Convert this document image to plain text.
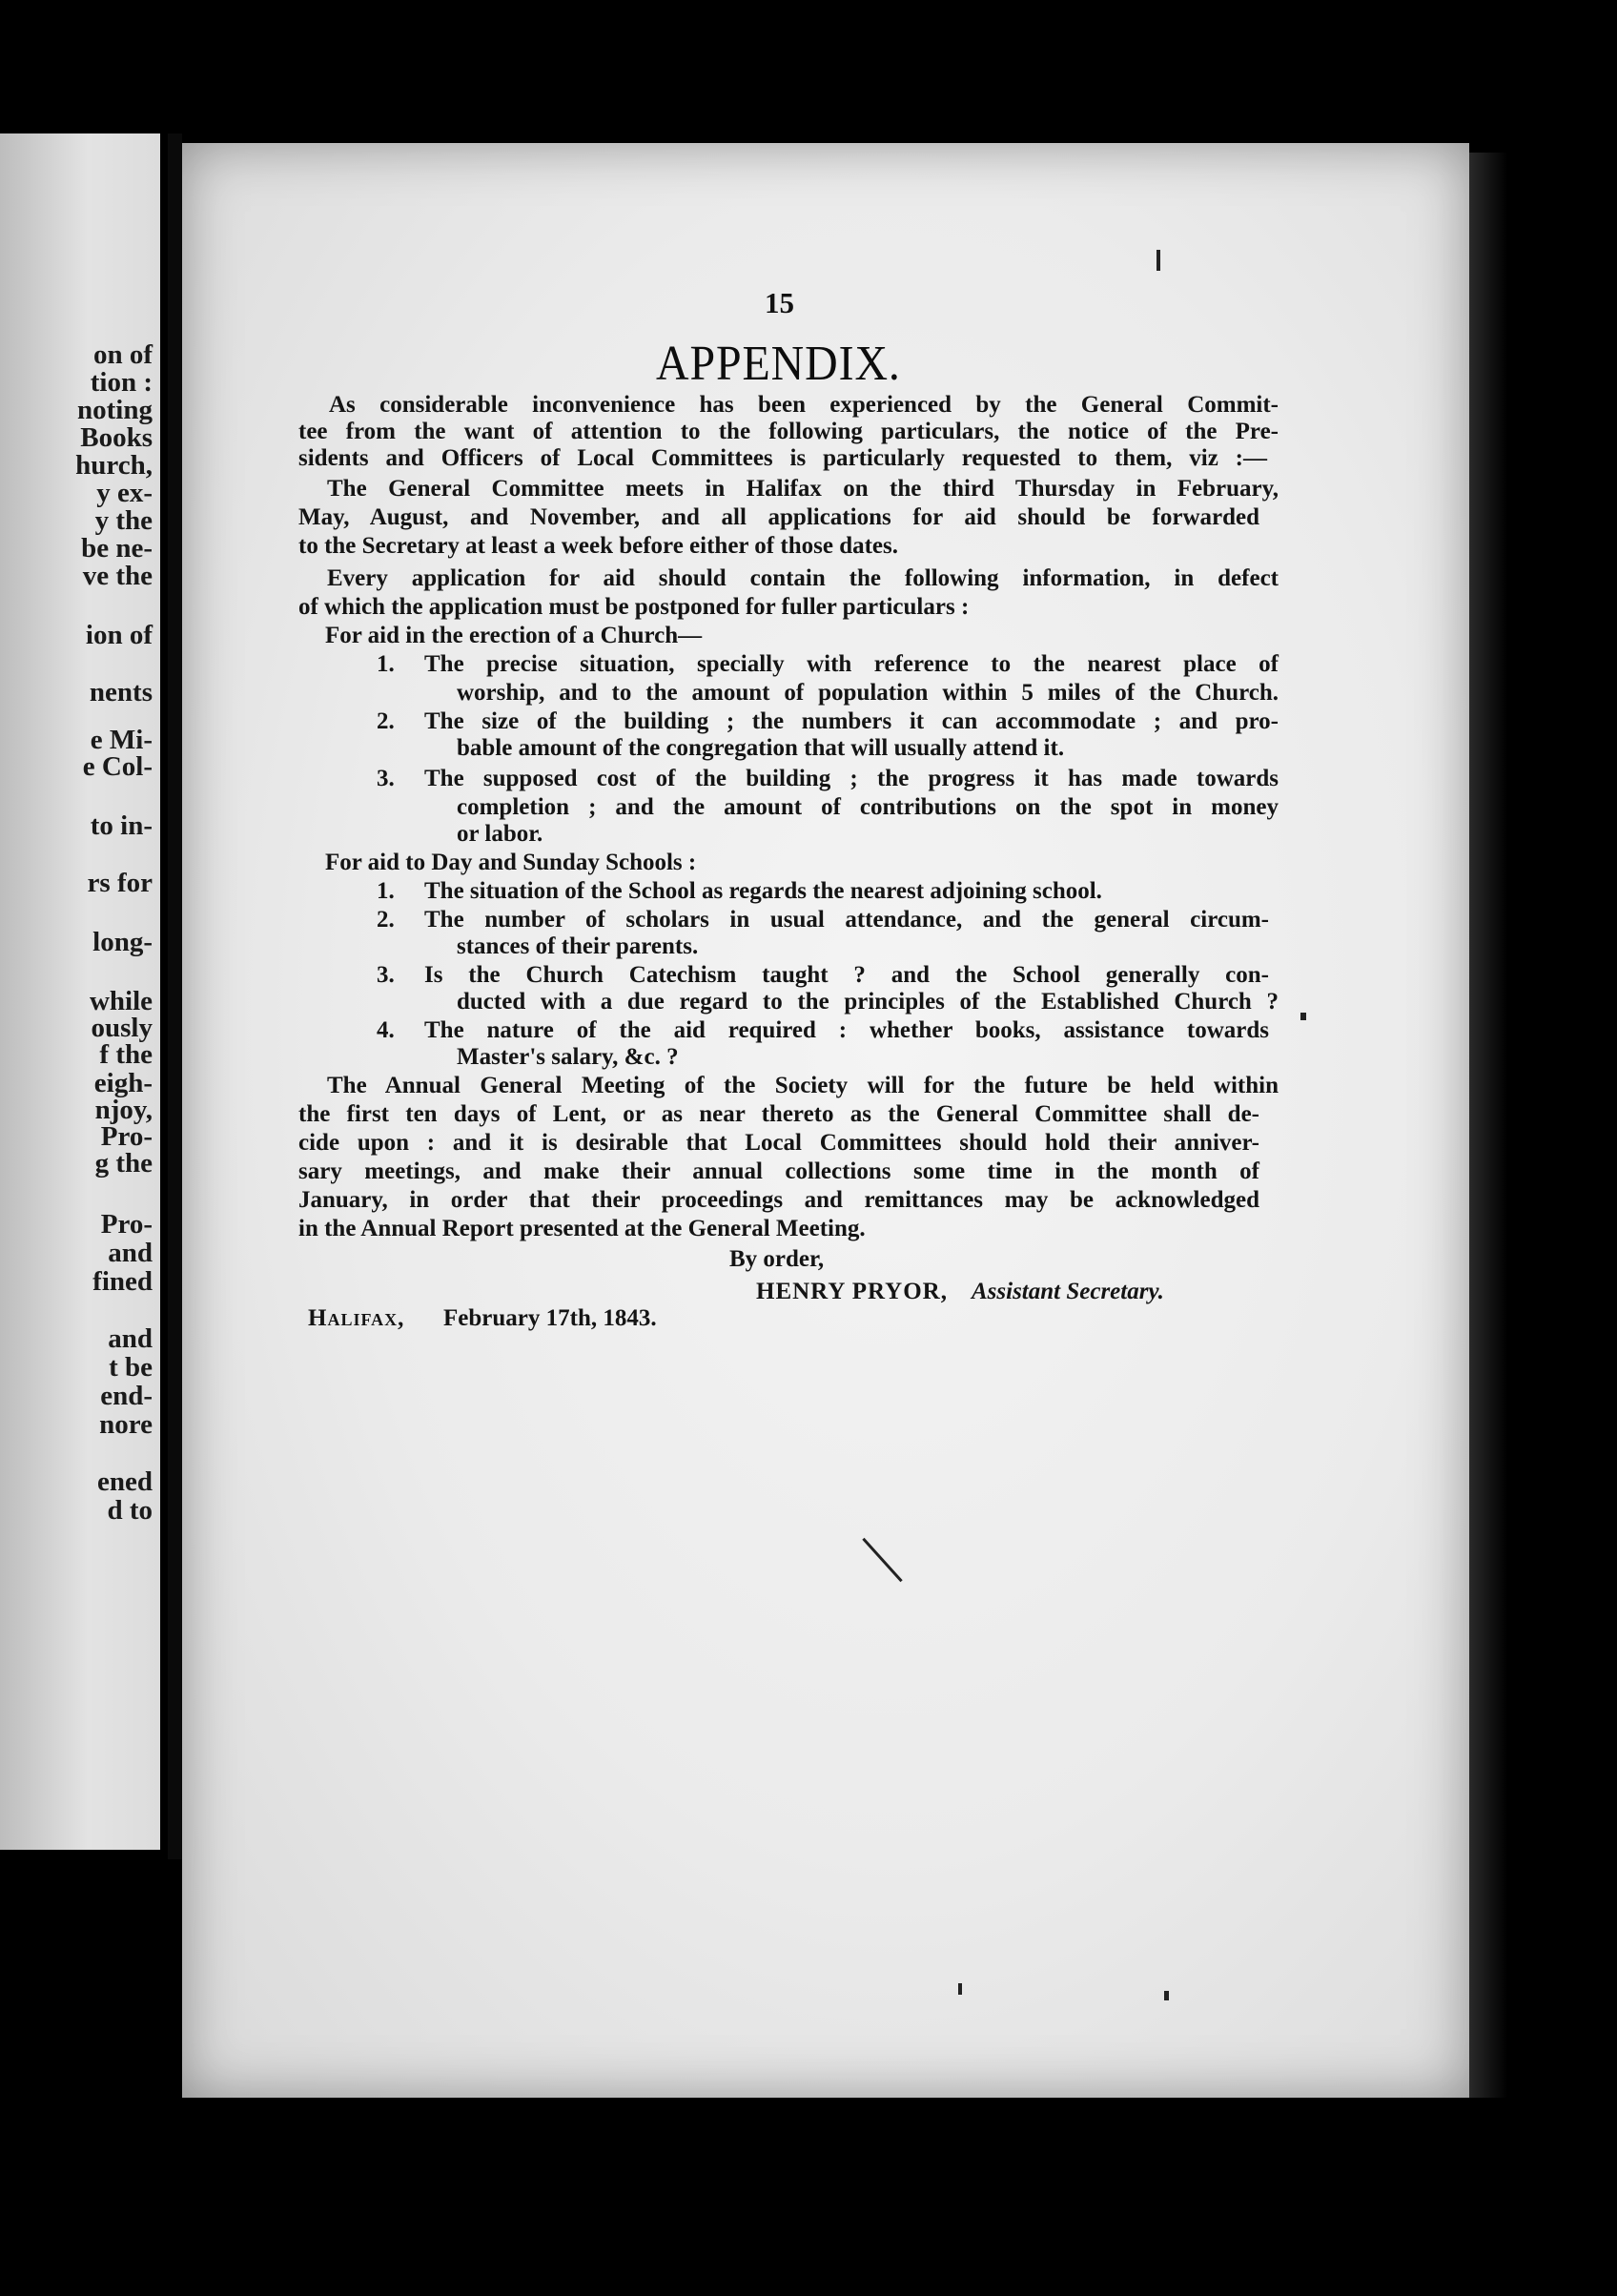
on of
tion :
noting
Books
hurch,
y ex-
y the
be ne-
ve the
ion of
nents
e Mi-
e Col-
to in-
rs for
long-
while
ously
f the
eigh-
njoy,
Pro-
g the
Pro-
and
fined
and
t be
end-
nore
ened
d to
15
APPENDIX.
As considerable inconvenience has been experienced by the General Commit-
tee from the want of attention to the following particulars, the notice of the Pre-
sidents and Officers of Local Committees is particularly requested to them, viz :—
The General Committee meets in Halifax on the third Thursday in February,
May, August, and November, and all applications for aid should be forwarded
to the Secretary at least a week before either of those dates.
Every application for aid should contain the following information, in defect
of which the application must be postponed for fuller particulars :
For aid in the erection of a Church—
1. The precise situation, specially with reference to the nearest place of
worship, and to the amount of population within 5 miles of the Church.
2. The size of the building ; the numbers it can accommodate ; and pro-
bable amount of the congregation that will usually attend it.
3. The supposed cost of the building ; the progress it has made towards
completion ; and the amount of contributions on the spot in money
or labor.
For aid to Day and Sunday Schools :
1. The situation of the School as regards the nearest adjoining school.
2. The number of scholars in usual attendance, and the general circum-
stances of their parents.
3. Is the Church Catechism taught ? and the School generally con-
ducted with a due regard to the principles of the Established Church ?
4. The nature of the aid required : whether books, assistance towards
Master's salary, &c. ?
The Annual General Meeting of the Society will for the future be held within
the first ten days of Lent, or as near thereto as the General Committee shall de-
cide upon : and it is desirable that Local Committees should hold their anniver-
sary meetings, and make their annual collections some time in the month of
January, in order that their proceedings and remittances may be acknowledged
in the Annual Report presented at the General Meeting.
By order,
HENRY PRYOR, Assistant Secretary.
Halifax, February 17th, 1843.
